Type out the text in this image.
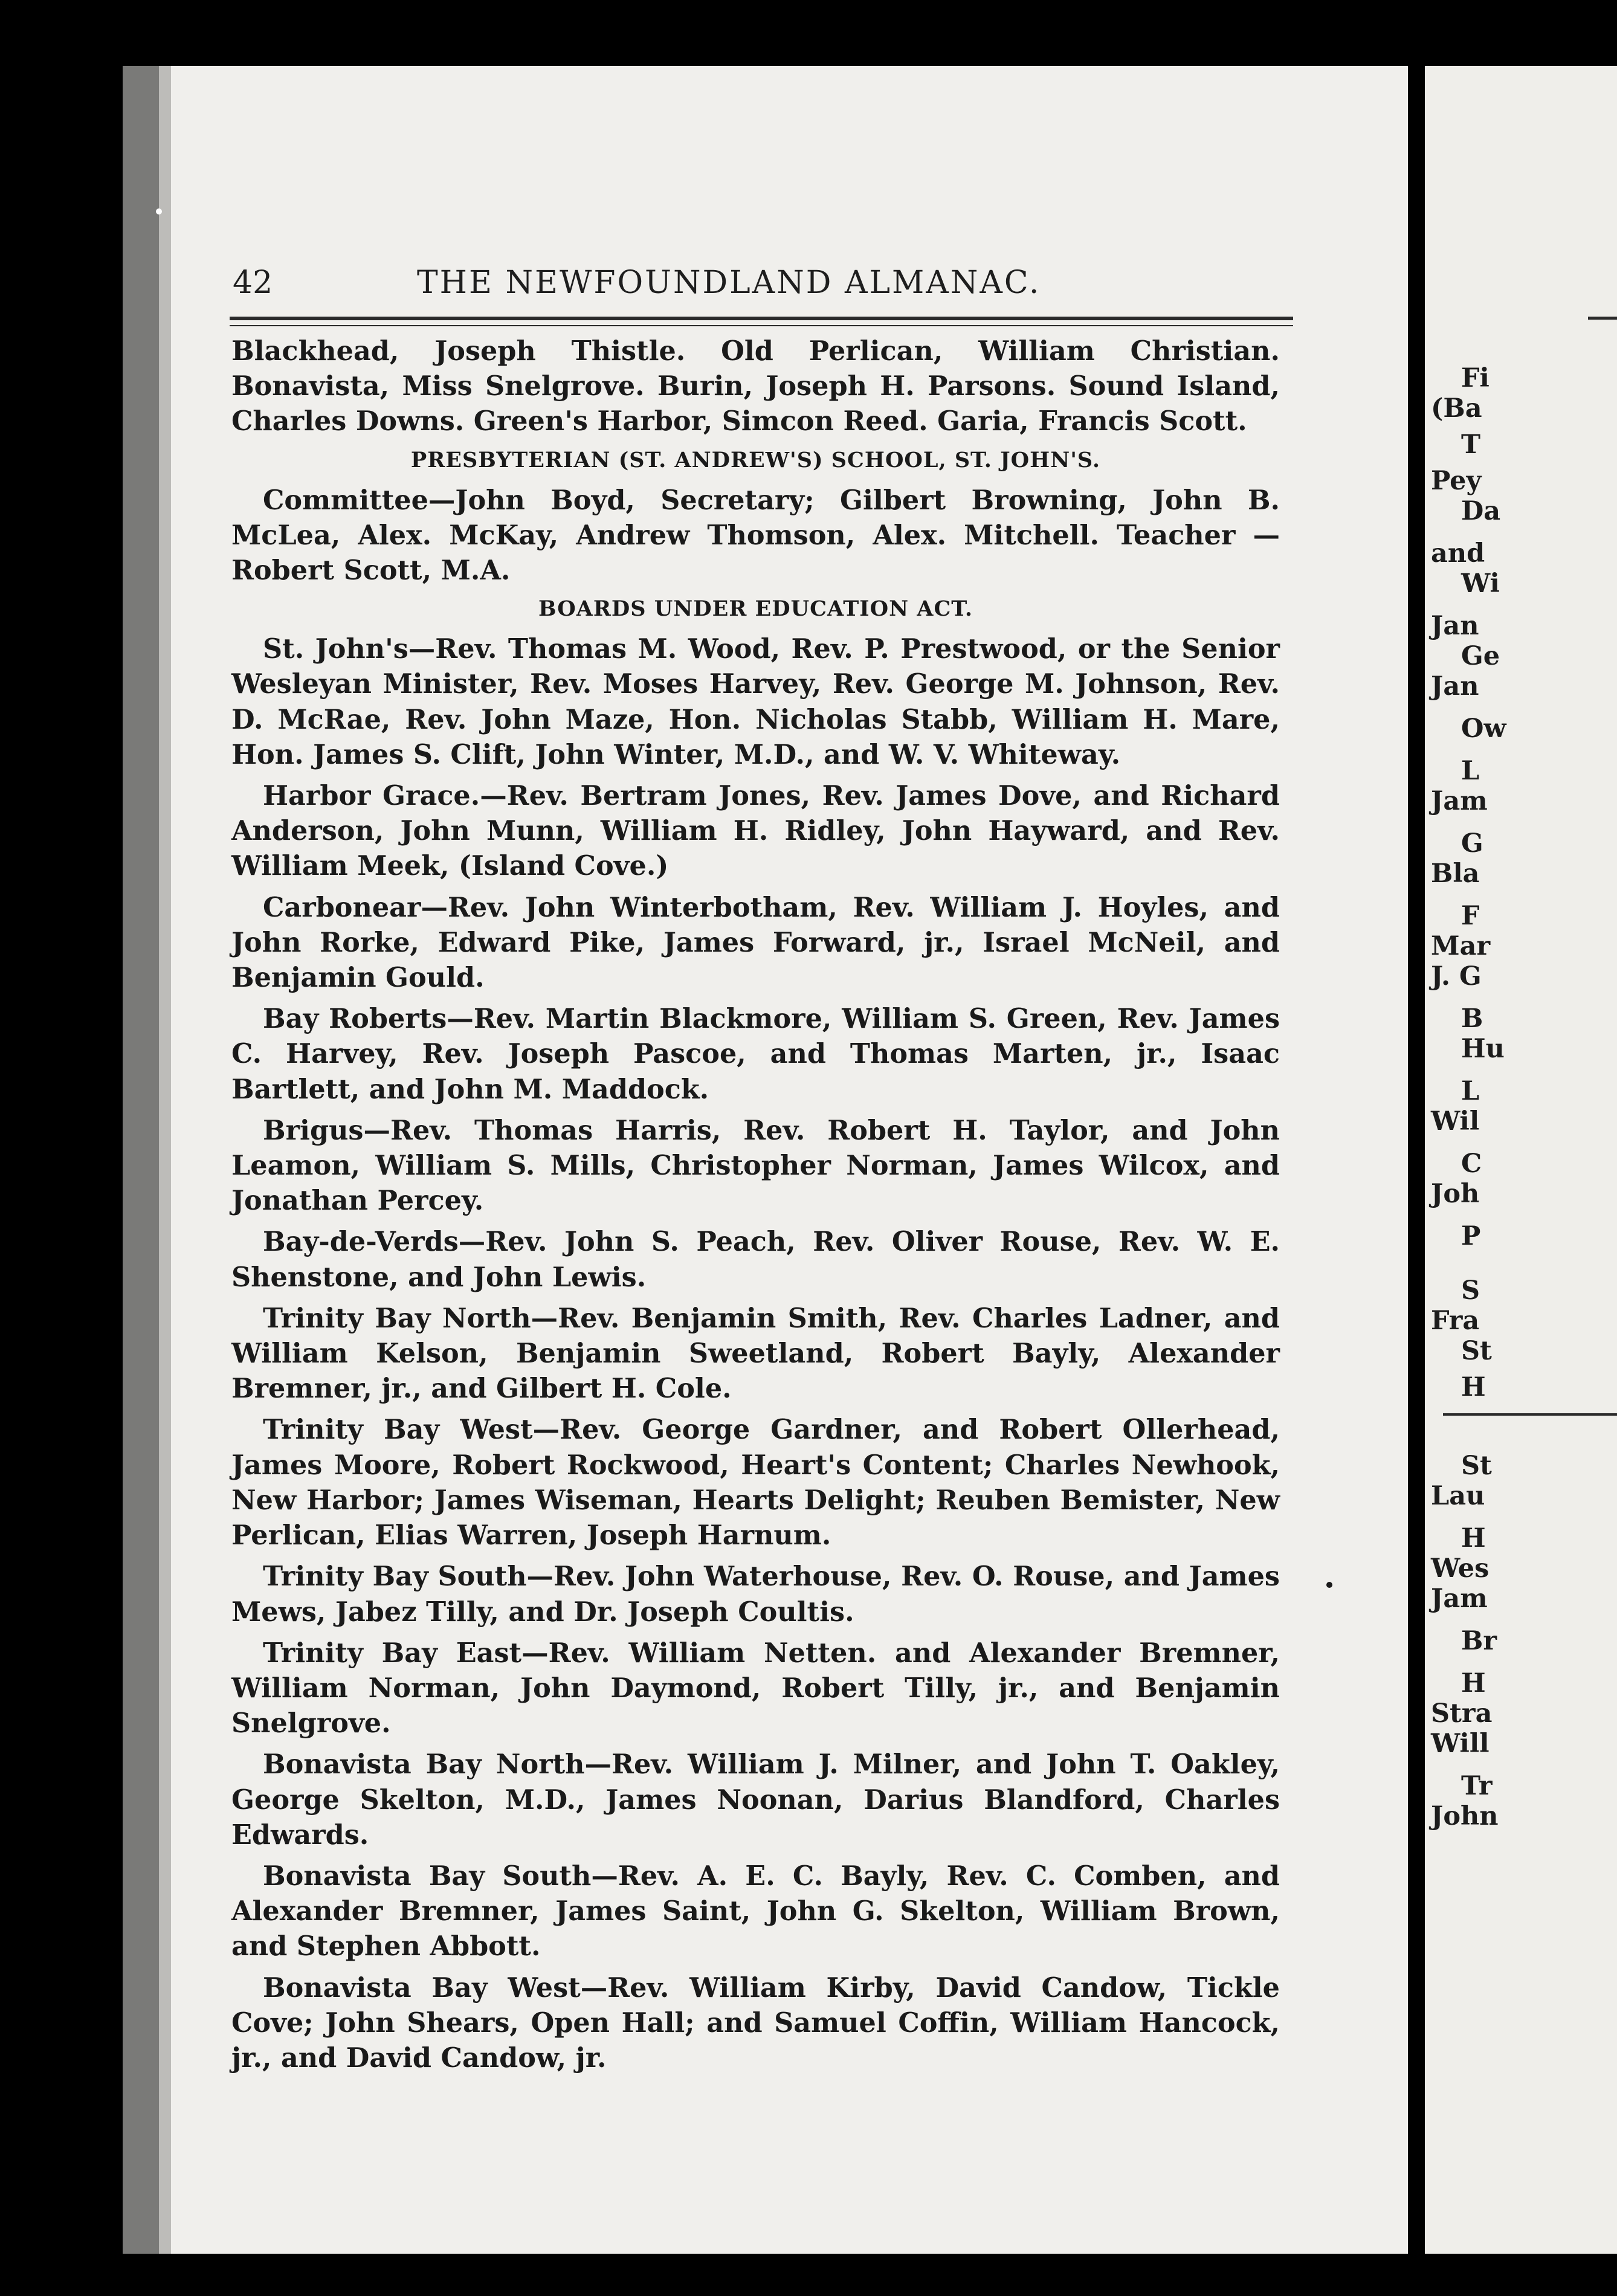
42	THE NEWFOUNDLAND ALMANAC.

Blackhead, Joseph Thistle. Old Perlican, William Christian. Bonavista, Miss Snelgrove. Burin, Joseph H. Parsons. Sound Island, Charles Downs. Green's Harbor, Simcon Reed. Garia, Francis Scott.

PRESBYTERIAN (ST. ANDREW'S) SCHOOL, ST. JOHN'S.

Committee—John Boyd, Secretary; Gilbert Browning, John B. McLea, Alex. McKay, Andrew Thomson, Alex. Mitchell. Teacher —Robert Scott, M.A.

BOARDS UNDER EDUCATION ACT.

St. John's—Rev. Thomas M. Wood, Rev. P. Prestwood, or the Senior Wesleyan Minister, Rev. Moses Harvey, Rev. George M. Johnson, Rev. D. McRae, Rev. John Maze, Hon. Nicholas Stabb, William H. Mare, Hon. James S. Clift, John Winter, M.D., and W. V. Whiteway.

Harbor Grace.—Rev. Bertram Jones, Rev. James Dove, and Richard Anderson, John Munn, William H. Ridley, John Hayward, and Rev. William Meek, (Island Cove.)

Carbonear—Rev. John Winterbotham, Rev. William J. Hoyles, and John Rorke, Edward Pike, James Forward, jr., Israel McNeil, and Benjamin Gould.

Bay Roberts—Rev. Martin Blackmore, William S. Green, Rev. James C. Harvey, Rev. Joseph Pascoe, and Thomas Marten, jr., Isaac Bartlett, and John M. Maddock.

Brigus—Rev. Thomas Harris, Rev. Robert H. Taylor, and John Leamon, William S. Mills, Christopher Norman, James Wilcox, and Jonathan Percey.

Bay-de-Verds—Rev. John S. Peach, Rev. Oliver Rouse, Rev. W. E. Shenstone, and John Lewis.

Trinity Bay North—Rev. Benjamin Smith, Rev. Charles Ladner, and William Kelson, Benjamin Sweetland, Robert Bayly, Alexander Bremner, jr., and Gilbert H. Cole.

Trinity Bay West—Rev. George Gardner, and Robert Ollerhead, James Moore, Robert Rockwood, Heart's Content; Charles Newhook, New Harbor; James Wiseman, Hearts Delight; Reuben Bemister, New Perlican, Elias Warren, Joseph Harnum.

Trinity Bay South—Rev. John Waterhouse, Rev. O. Rouse, and James Mews, Jabez Tilly, and Dr. Joseph Coultis.

Trinity Bay East—Rev. William Netten. and Alexander Bremner, William Norman, John Daymond, Robert Tilly, jr., and Benjamin Snelgrove.

Bonavista Bay North—Rev. William J. Milner, and John T. Oakley, George Skelton, M.D., James Noonan, Darius Blandford, Charles Edwards.

Bonavista Bay South—Rev. A. E. C. Bayly, Rev. C. Comben, and Alexander Bremner, James Saint, John G. Skelton, William Brown, and Stephen Abbott.

Bonavista Bay West—Rev. William Kirby, David Candow, Tickle Cove; John Shears, Open Hall; and Samuel Coffin, William Hancock, jr., and David Candow, jr.

Fi
(Ba
T
Pey
Da
and
Wi
Jan
Ge
Jan
Ow
L
Jam
G
Bla
F
Mar
J. G
B
Hu
L
Wil
C
Joh
P
S
Fra
St
H
St
Lau
H
Wes
Jam
Br
H
Stra
Will
Tr
John
